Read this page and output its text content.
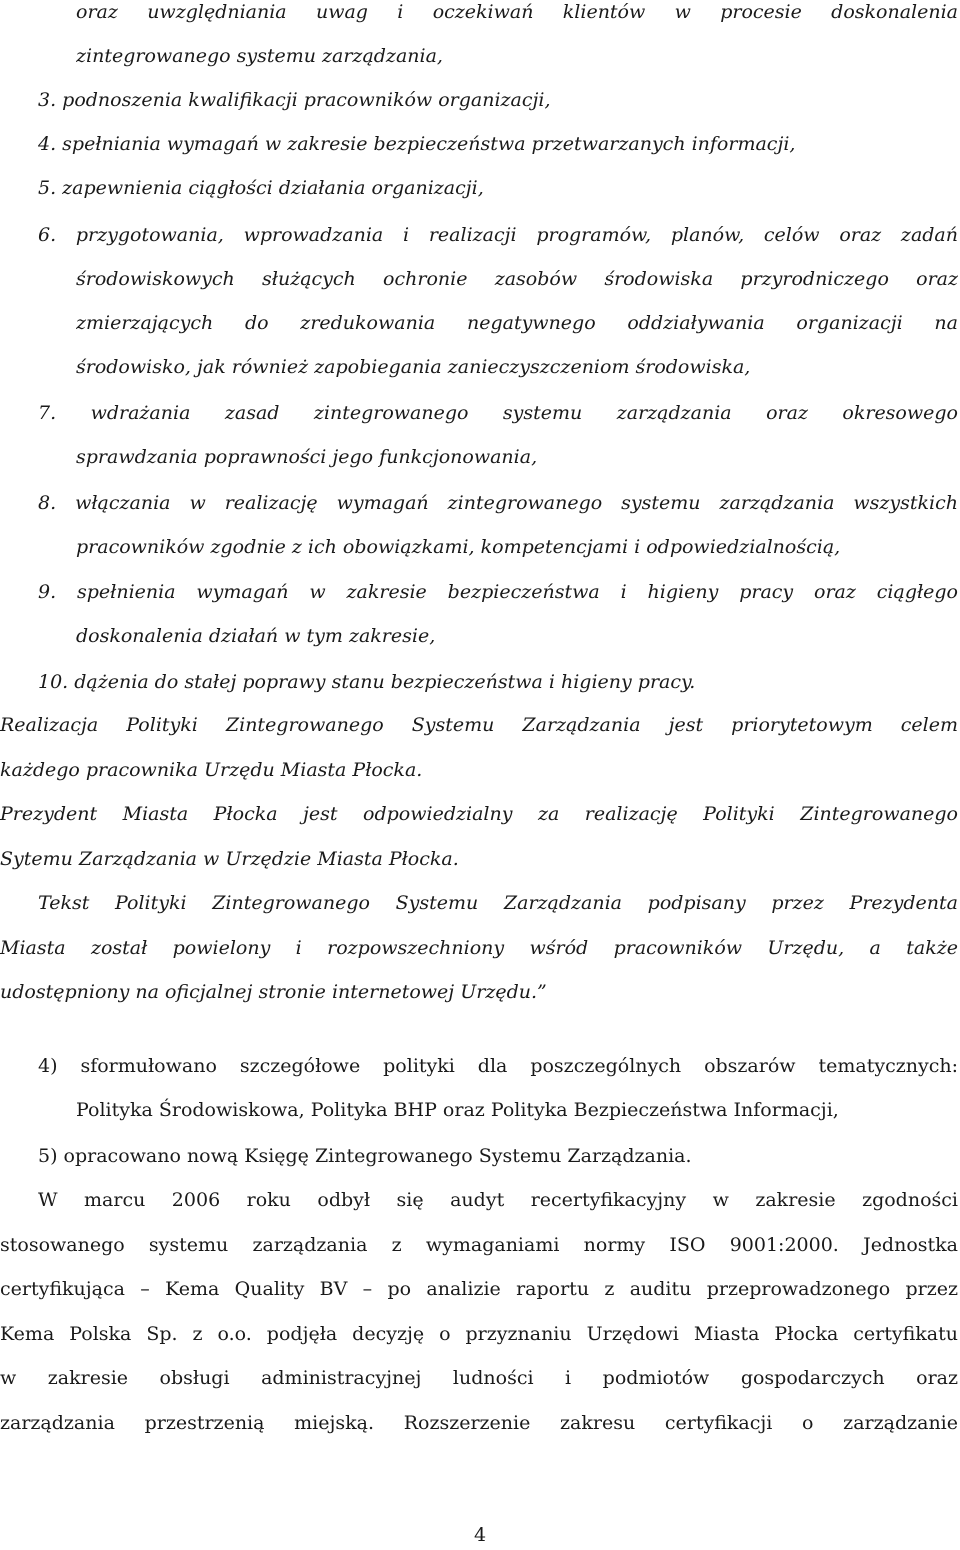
oraz uwzględniania uwag i oczekiwań klientów w procesie doskonalenia
zintegrowanego systemu zarządzania,
3. podnoszenia kwalifikacji pracowników organizacji,
4. spełniania wymagań w zakresie bezpieczeństwa przetwarzanych informacji,
5. zapewnienia ciągłości działania organizacji,
6. przygotowania, wprowadzania i realizacji programów, planów, celów oraz zadań
środowiskowych służących ochronie zasobów środowiska przyrodniczego oraz
zmierzających do zredukowania negatywnego oddziaływania organizacji na
środowisko, jak również zapobiegania zanieczyszczeniom środowiska,
7. wdrażania zasad zintegrowanego systemu zarządzania oraz okresowego
sprawdzania poprawności jego funkcjonowania,
8. włączania w realizację wymagań zintegrowanego systemu zarządzania wszystkich
pracowników zgodnie z ich obowiązkami, kompetencjami i odpowiedzialnością,
9. spełnienia wymagań w zakresie bezpieczeństwa i higieny pracy oraz ciągłego
doskonalenia działań w tym zakresie,
10. dążenia do stałej poprawy stanu bezpieczeństwa i higieny pracy.
Realizacja Polityki Zintegrowanego Systemu Zarządzania jest priorytetowym celem
każdego pracownika Urzędu Miasta Płocka.
Prezydent Miasta Płocka jest odpowiedzialny za realizację Polityki Zintegrowanego
Sytemu Zarządzania w Urzędzie Miasta Płocka.
Tekst Polityki Zintegrowanego Systemu Zarządzania podpisany przez Prezydenta
Miasta został powielony i rozpowszechniony wśród pracowników Urzędu, a także
udostępniony na oficjalnej stronie internetowej Urzędu.”
4) sformułowano szczegółowe polityki dla poszczególnych obszarów tematycznych:
Polityka Środowiskowa, Polityka BHP oraz Polityka Bezpieczeństwa Informacji,
5) opracowano nową Księgę Zintegrowanego Systemu Zarządzania.
W marcu 2006 roku odbył się audyt recertyfikacyjny w zakresie zgodności
stosowanego systemu zarządzania z wymaganiami normy ISO 9001:2000. Jednostka
certyfikująca – Kema Quality BV – po analizie raportu z auditu przeprowadzonego przez
Kema Polska Sp. z o.o. podjęła decyzję o przyznaniu Urzędowi Miasta Płocka certyfikatu
w zakresie obsługi administracyjnej ludności i podmiotów gospodarczych oraz
zarządzania przestrzenią miejską. Rozszerzenie zakresu certyfikacji o zarządzanie
4
